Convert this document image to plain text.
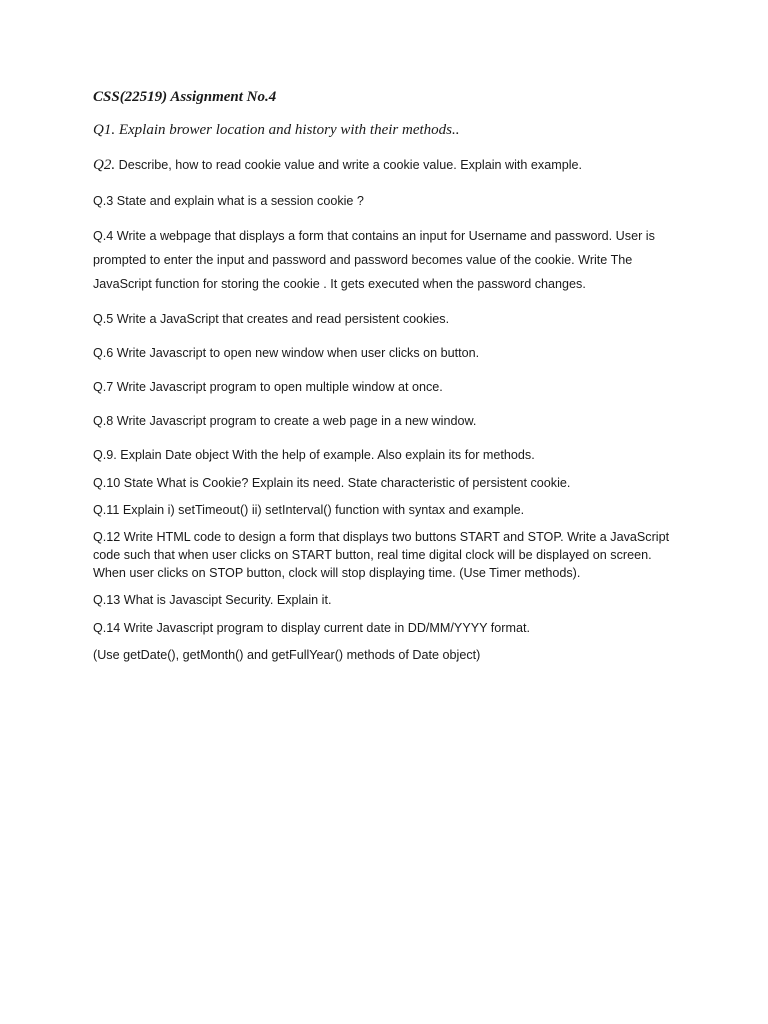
CSS(22519) Assignment No.4
Q1. Explain brower location and history with their methods..
Q2. Describe, how to read cookie value and write a cookie value. Explain with example.
Q.3 State and explain what is a session cookie ?
Q.4 Write a webpage that displays a form that contains an input for Username and password. User is
prompted to enter the input and password and password becomes value of the cookie. Write The
JavaScript function for storing the cookie . It gets executed when the password changes.
Q.5 Write a JavaScript that creates and read persistent cookies.
Q.6 Write Javascript to open new window when user clicks on button.
Q.7 Write Javascript program to open multiple window at once.
Q.8 Write Javascript program to create a web page in a new window.
Q.9. Explain Date object With the help of example. Also explain its for methods.
Q.10 State What is Cookie? Explain its need. State characteristic of persistent cookie.
Q.11 Explain i) setTimeout() ii) setInterval() function with syntax and example.
Q.12 Write HTML code to design a form that displays two buttons START and STOP. Write a JavaScript
code such that when user clicks on START button, real time digital clock will be displayed on screen.
When user clicks on STOP button, clock will stop displaying time. (Use Timer methods).
Q.13 What is Javascipt Security. Explain it.
Q.14 Write Javascript program to display current date in DD/MM/YYYY format.
(Use getDate(), getMonth() and getFullYear() methods of Date object)
